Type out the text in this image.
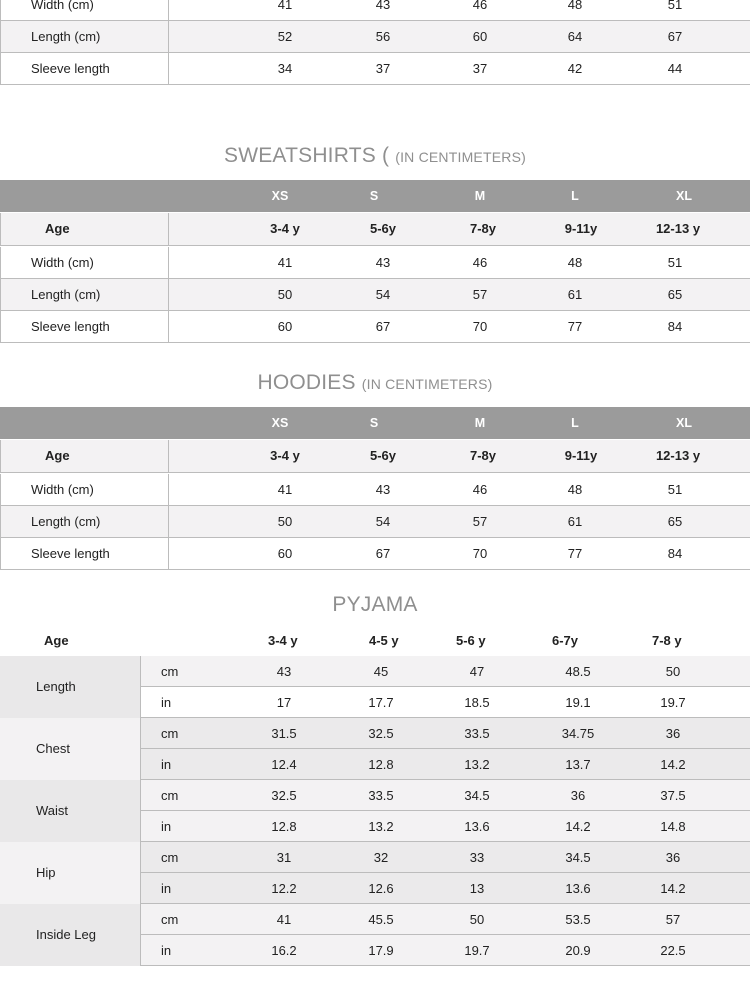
Width (cm)	41	43	46	48	51
Length (cm)	52	56	60	64	67
Sleeve length	34	37	37	42	44
SWEATSHIRTS ( (IN CENTIMETERS)
XS	S	M	L	XL
Age	3-4 y	5-6y	7-8y	9-11y	12-13 y
Width (cm)	41	43	46	48	51
Length (cm)	50	54	57	61	65
Sleeve length	60	67	70	77	84
HOODIES (IN CENTIMETERS)
XS	S	M	L	XL
Age	3-4 y	5-6y	7-8y	9-11y	12-13 y
Width (cm)	41	43	46	48	51
Length (cm)	50	54	57	61	65
Sleeve length	60	67	70	77	84
PYJAMA
Age	3-4 y	4-5 y	5-6 y	6-7y	7-8 y
Length
cm	43	45	47	48.5	50
in	17	17.7	18.5	19.1	19.7
Chest
cm	31.5	32.5	33.5	34.75	36
in	12.4	12.8	13.2	13.7	14.2
Waist
cm	32.5	33.5	34.5	36	37.5
in	12.8	13.2	13.6	14.2	14.8
Hip
cm	31	32	33	34.5	36
in	12.2	12.6	13	13.6	14.2
Inside Leg
cm	41	45.5	50	53.5	57
in	16.2	17.9	19.7	20.9	22.5
